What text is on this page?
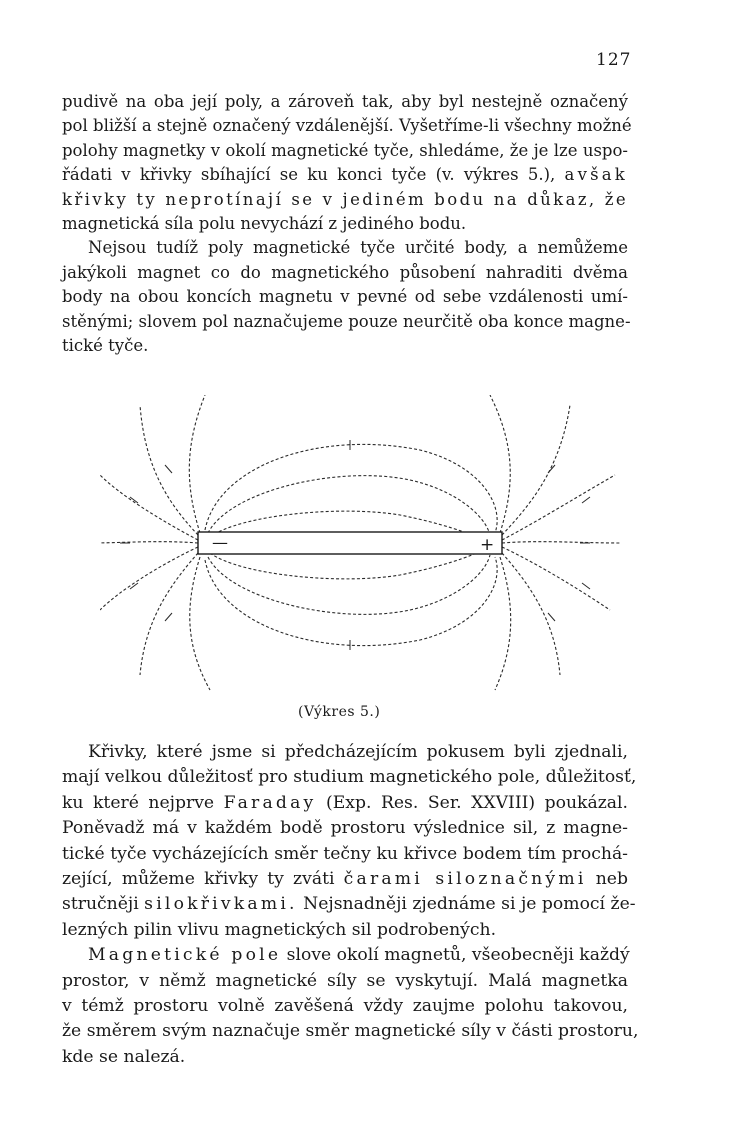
127

pudivě na oba její poly, a zároveň tak, aby byl nestejně označený
pol bližší a stejně označený vzdálenější. Vyšetříme-li všechny možné
polohy magnetky v okolí magnetické tyče, shledáme, že je lze uspo-
řádati v křivky sbíhající se ku konci tyče (v. výkres 5.), avšak
křivky ty neprotínají se v jediném bodu na důkaz, že
magnetická síla polu nevychází z jediného bodu.

Nejsou tudíž poly magnetické tyče určité body, a nemůžeme
jakýkoli magnet co do magnetického působení nahraditi dvěma
body na obou koncích magnetu v pevné od sebe vzdálenosti umí-
stěnými; slovem pol naznačujeme pouze neurčitě oba konce magne-
tické tyče.

—	+
(Výkres 5.)

Křivky, které jsme si předcházejícím pokusem byli zjednali,
mají velkou důležitosť pro studium magnetického pole, důležitosť,
ku které nejprve Faraday (Exp. Res. Ser. XXVIII) poukázal.
Poněvadž má v každém bodě prostoru výslednice sil, z magne-
tické tyče vycházejících směr tečny ku křivce bodem tím prochá-
zející, můžeme křivky ty zváti čarami siloznačnými neb
stručněji silokřivkami. Nejsnadněji zjednáme si je pomocí že-
lezných pilin vlivu magnetických sil podrobených.

Magnetické pole slove okolí magnetů, všeobecněji každý
prostor, v němž magnetické síly se vyskytují. Malá magnetka
v témž prostoru volně zavěšená vždy zaujme polohu takovou,
že směrem svým naznačuje směr magnetické síly v části prostoru,
kde se nalezá.
